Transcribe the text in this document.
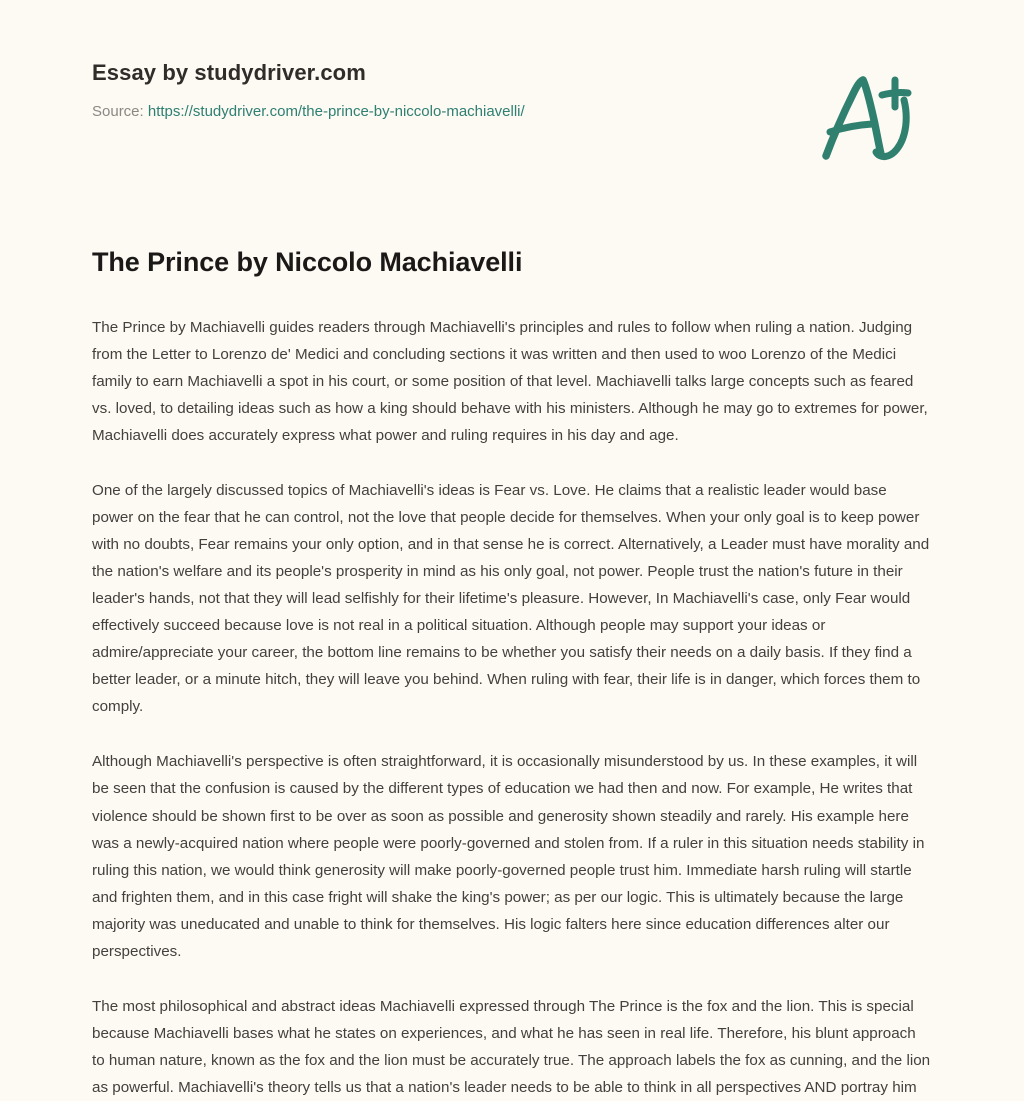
Essay by studydriver.com
Source: https://studydriver.com/the-prince-by-niccolo-machiavelli/
The Prince by Niccolo Machiavelli

The Prince by Machiavelli guides readers through Machiavelli's principles and rules to follow when ruling a nation. Judging from the Letter to Lorenzo de' Medici and concluding sections it was written and then used to woo Lorenzo of the Medici family to earn Machiavelli a spot in his court, or some position of that level. Machiavelli talks large concepts such as feared vs. loved, to detailing ideas such as how a king should behave with his ministers. Although he may go to extremes for power, Machiavelli does accurately express what power and ruling requires in his day and age.

One of the largely discussed topics of Machiavelli's ideas is Fear vs. Love. He claims that a realistic leader would base power on the fear that he can control, not the love that people decide for themselves. When your only goal is to keep power with no doubts, Fear remains your only option, and in that sense he is correct. Alternatively, a Leader must have morality and the nation's welfare and its people's prosperity in mind as his only goal, not power. People trust the nation's future in their leader's hands, not that they will lead selfishly for their lifetime's pleasure. However, In Machiavelli's case, only Fear would effectively succeed because love is not real in a political situation. Although people may support your ideas or admire/appreciate your career, the bottom line remains to be whether you satisfy their needs on a daily basis. If they find a better leader, or a minute hitch, they will leave you behind. When ruling with fear, their life is in danger, which forces them to comply.

Although Machiavelli's perspective is often straightforward, it is occasionally misunderstood by us. In these examples, it will be seen that the confusion is caused by the different types of education we had then and now. For example, He writes that violence should be shown first to be over as soon as possible and generosity shown steadily and rarely. His example here was a newly-acquired nation where people were poorly-governed and stolen from. If a ruler in this situation needs stability in ruling this nation, we would think generosity will make poorly-governed people trust him. Immediate harsh ruling will startle and frighten them, and in this case fright will shake the king's power; as per our logic. This is ultimately because the large majority was uneducated and unable to think for themselves. His logic falters here since education differences alter our perspectives.

The most philosophical and abstract ideas Machiavelli expressed through The Prince is the fox and the lion. This is special because Machiavelli bases what he states on experiences, and what he has seen in real life. Therefore, his blunt approach to human nature, known as the fox and the lion must be accurately true. The approach labels the fox as cunning, and the lion as powerful. Machiavelli's theory tells us that a nation's leader needs to be able to think in all perspectives AND portray him
